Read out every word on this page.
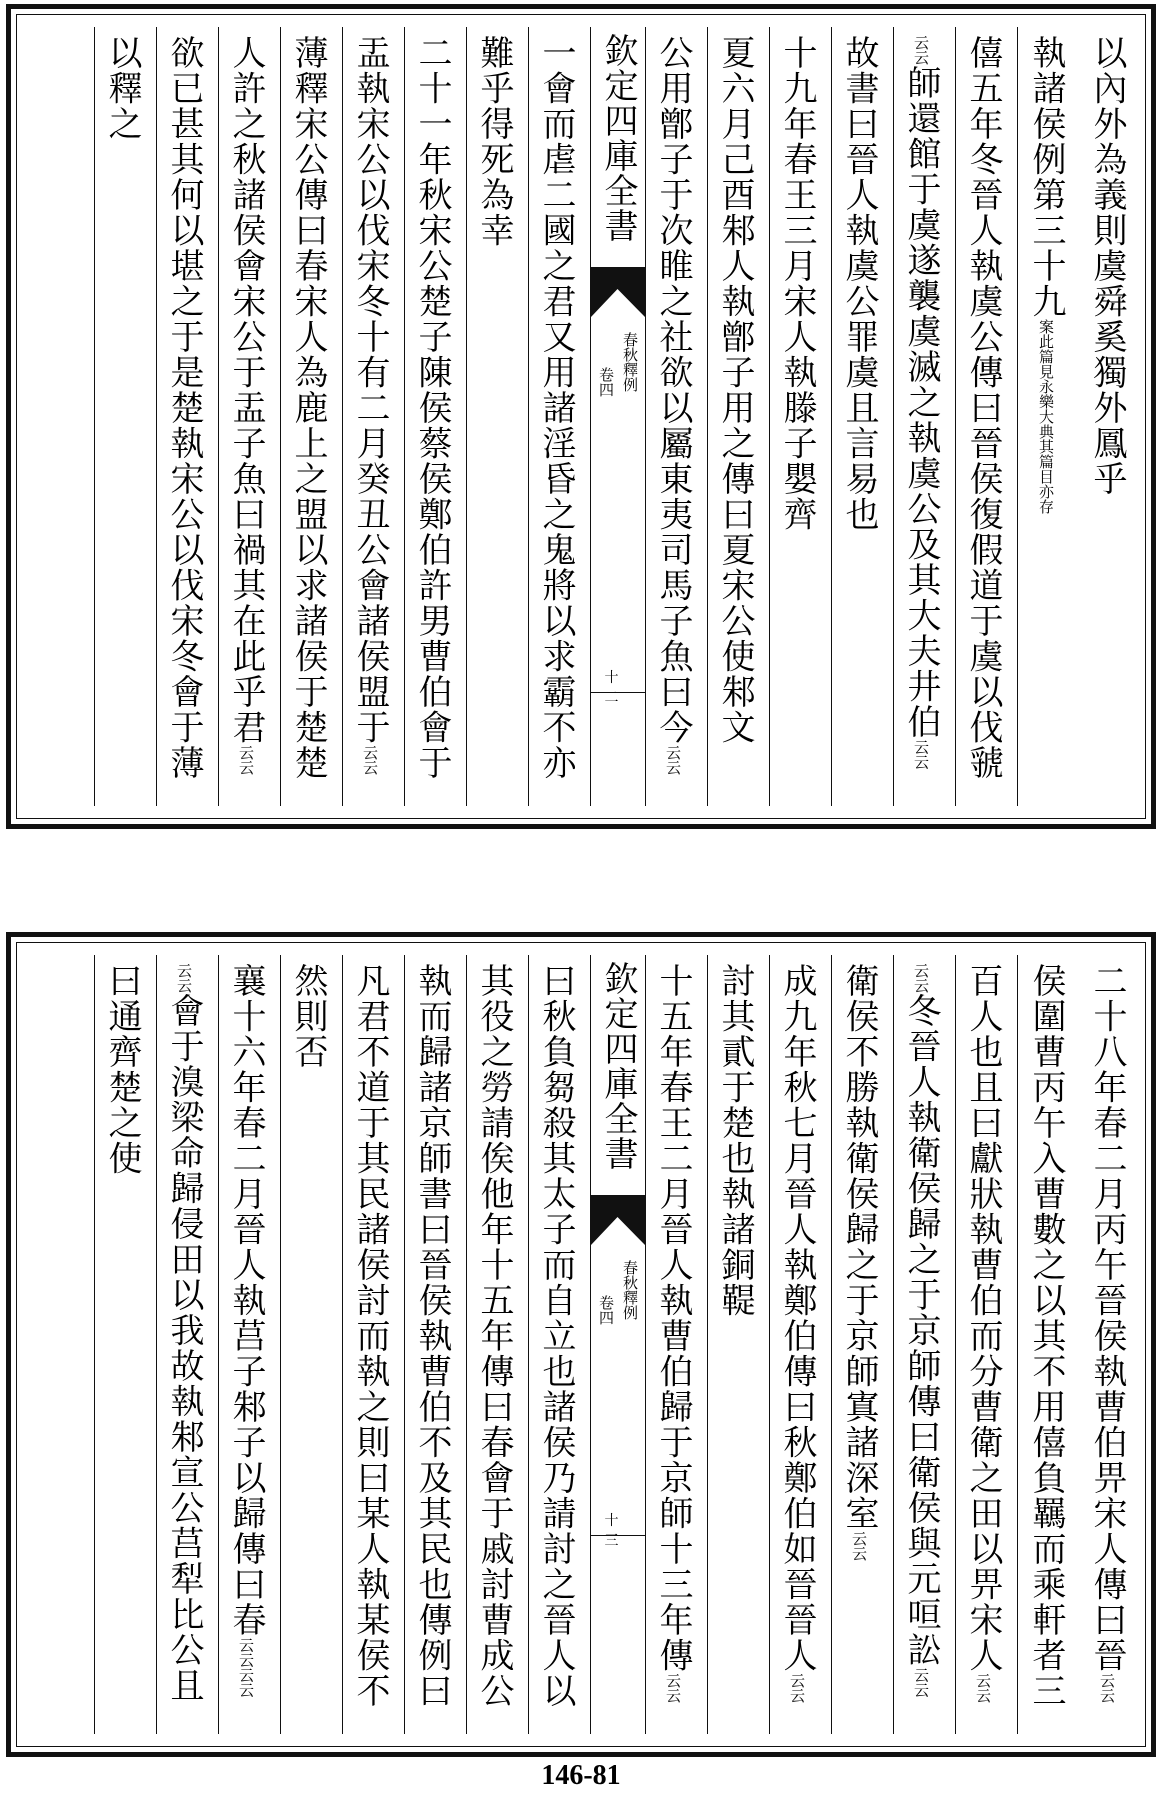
以內外為義則虞舜奚獨外鳳乎
執諸侯例第三十九案此篇見永樂大典其篇目亦存
僖五年冬晉人執虞公傳曰晉侯復假道于虞以伐虢
云云師還館于虞遂襲虞滅之執虞公及其大夫井伯云云
故書曰晉人執虞公罪虞且言易也
十九年春王三月宋人執滕子嬰齊
夏六月己酉邾人執鄫子用之傳曰夏宋公使邾文
公用鄫子于次睢之社欲以屬東夷司馬子魚曰今云云
欽定四庫全書
春秋釋例
卷四
十二
一會而虐二國之君又用諸淫昏之鬼將以求霸不亦
難乎得死為幸
二十一年秋宋公楚子陳侯蔡侯鄭伯許男曹伯會于
盂執宋公以伐宋冬十有二月癸丑公會諸侯盟于云云
薄釋宋公傳曰春宋人為鹿上之盟以求諸侯于楚楚
人許之秋諸侯會宋公于盂子魚曰禍其在此乎君云云
欲已甚其何以堪之于是楚執宋公以伐宋冬會于薄
以釋之
二十八年春二月丙午晉侯執曹伯畀宋人傳曰晉云云
侯圍曹丙午入曹數之以其不用僖負羈而乘軒者三
百人也且曰獻狀執曹伯而分曹衛之田以畀宋人云云
云云冬晉人執衛侯歸之于京師傳曰衛侯與元咺訟云云
衛侯不勝執衛侯歸之于京師寘諸深室云云
成九年秋七月晉人執鄭伯傳曰秋鄭伯如晉晉人云云
討其貳于楚也執諸銅鞮
十五年春王二月晉人執曹伯歸于京師十三年傳云云
欽定四庫全書
春秋釋例
卷四
十三
曰秋負芻殺其太子而自立也諸侯乃請討之晉人以
其役之勞請俟他年十五年傳曰春會于戚討曹成公
執而歸諸京師書曰晉侯執曹伯不及其民也傳例曰
凡君不道于其民諸侯討而執之則曰某人執某侯不
然則否
襄十六年春二月晉人執莒子邾子以歸傳曰春云云云云
云云會于溴梁命歸侵田以我故執邾宣公莒犁比公且
曰通齊楚之使
146-81
